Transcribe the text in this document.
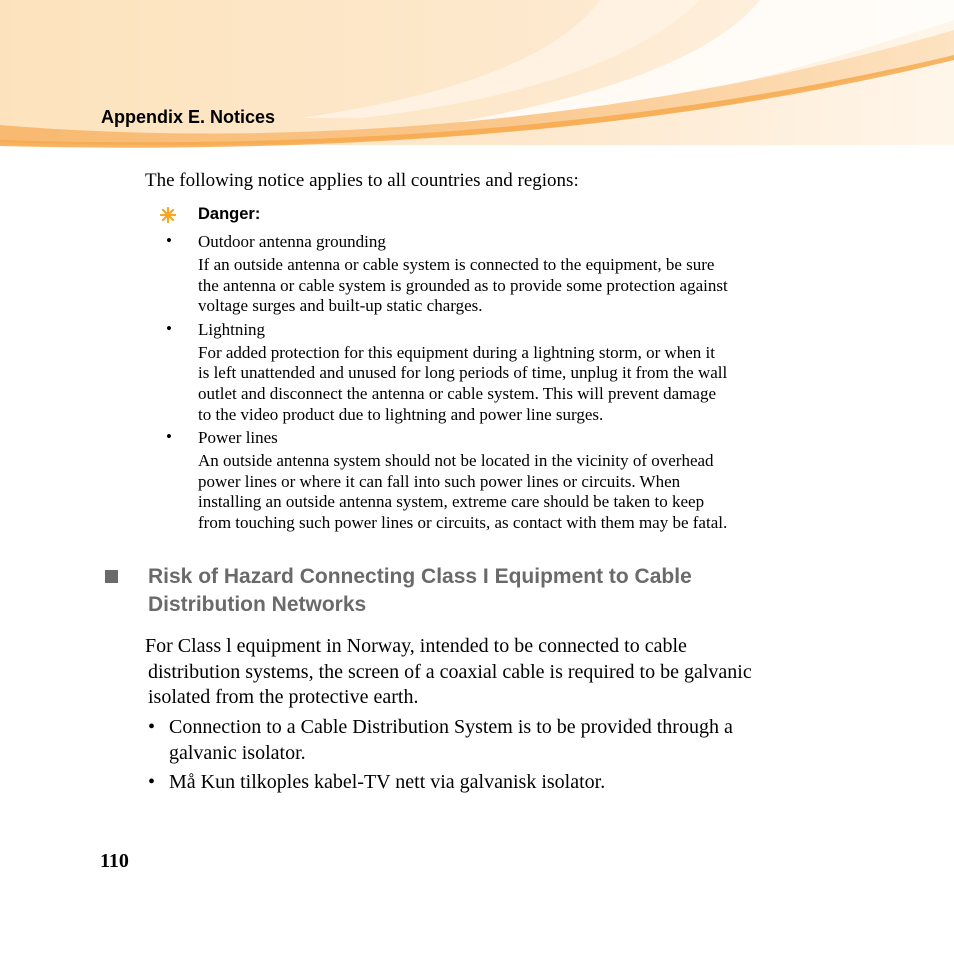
Appendix E. Notices
The following notice applies to all countries and regions:
Danger:
• Outdoor antenna grounding
If an outside antenna or cable system is connected to the equipment, be sure
the antenna or cable system is grounded as to provide some protection against
voltage surges and built-up static charges.
• Lightning
For added protection for this equipment during a lightning storm, or when it
is left unattended and unused for long periods of time, unplug it from the wall
outlet and disconnect the antenna or cable system. This will prevent damage
to the video product due to lightning and power line surges.
• Power lines
An outside antenna system should not be located in the vicinity of overhead
power lines or where it can fall into such power lines or circuits. When
installing an outside antenna system, extreme care should be taken to keep
from touching such power lines or circuits, as contact with them may be fatal.
Risk of Hazard Connecting Class I Equipment to Cable
Distribution Networks
For Class l equipment in Norway, intended to be connected to cable
distribution systems, the screen of a coaxial cable is required to be galvanic
isolated from the protective earth.
• Connection to a Cable Distribution System is to be provided through a
galvanic isolator.
• Må Kun tilkoples kabel-TV nett via galvanisk isolator.
110
